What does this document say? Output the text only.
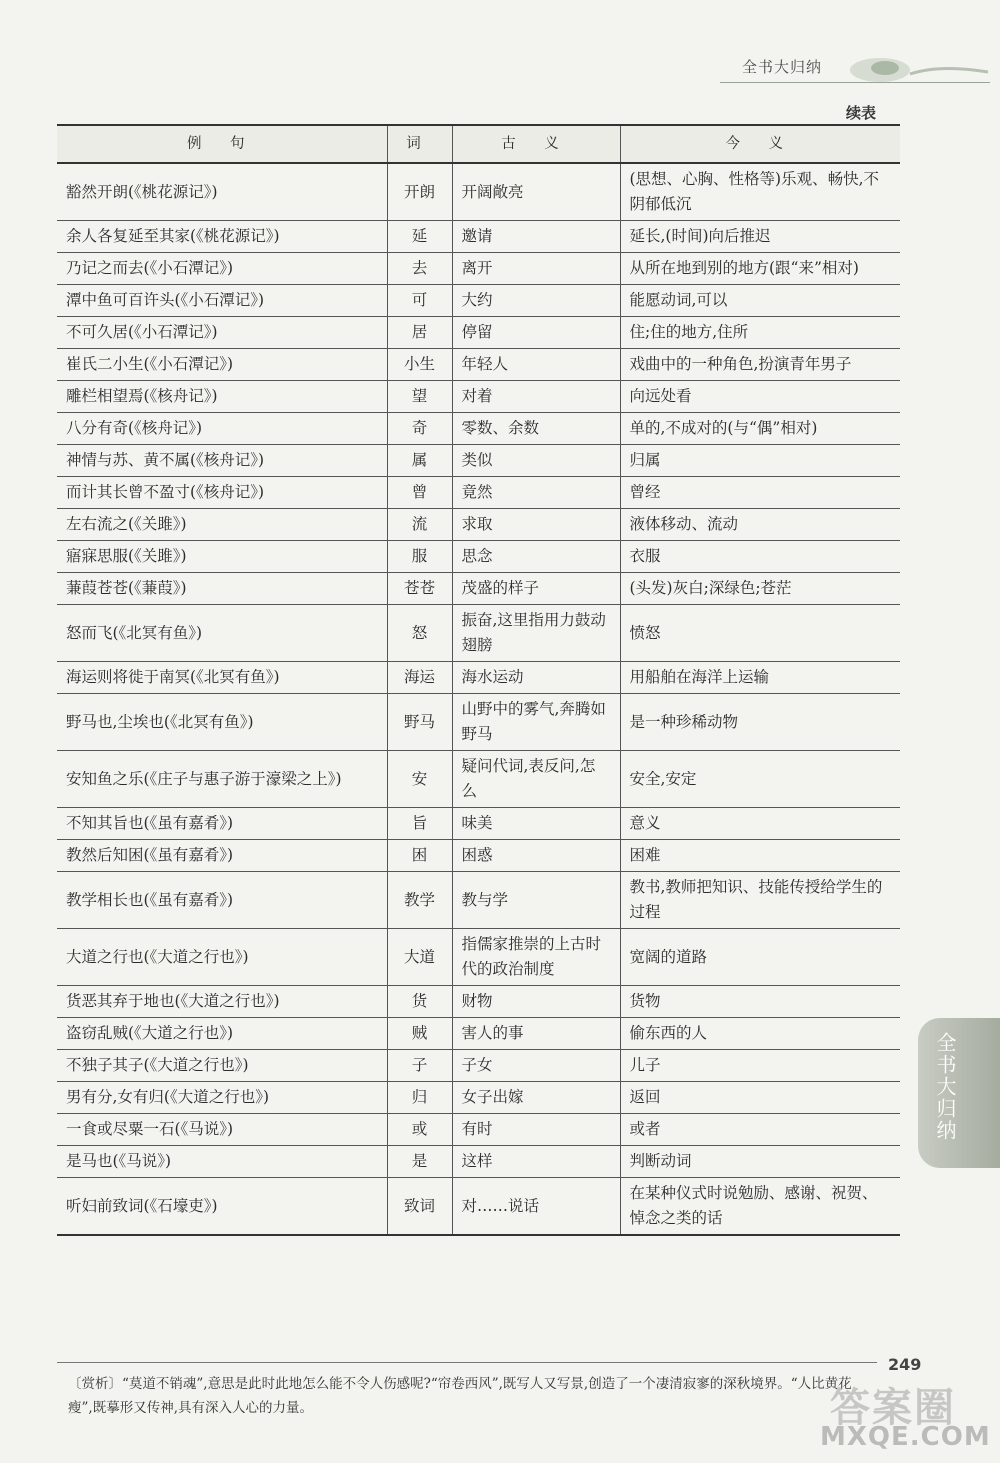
全书大归纳
续表
例 句	词	古 义	今 义
豁然开朗(《桃花源记》)	开朗	开阔敞亮	(思想、心胸、性格等)乐观、畅快,不阴郁低沉
余人各复延至其家(《桃花源记》)	延	邀请	延长,(时间)向后推迟
乃记之而去(《小石潭记》)	去	离开	从所在地到别的地方(跟“来”相对)
潭中鱼可百许头(《小石潭记》)	可	大约	能愿动词,可以
不可久居(《小石潭记》)	居	停留	住;住的地方,住所
崔氏二小生(《小石潭记》)	小生	年轻人	戏曲中的一种角色,扮演青年男子
雕栏相望焉(《核舟记》)	望	对着	向远处看
八分有奇(《核舟记》)	奇	零数、余数	单的,不成对的(与“偶”相对)
神情与苏、黄不属(《核舟记》)	属	类似	归属
而计其长曾不盈寸(《核舟记》)	曾	竟然	曾经
左右流之(《关雎》)	流	求取	液体移动、流动
寤寐思服(《关雎》)	服	思念	衣服
蒹葭苍苍(《蒹葭》)	苍苍	茂盛的样子	(头发)灰白;深绿色;苍茫
怒而飞(《北冥有鱼》)	怒	振奋,这里指用力鼓动翅膀	愤怒
海运则将徙于南冥(《北冥有鱼》)	海运	海水运动	用船舶在海洋上运输
野马也,尘埃也(《北冥有鱼》)	野马	山野中的雾气,奔腾如野马	是一种珍稀动物
安知鱼之乐(《庄子与惠子游于濠梁之上》)	安	疑问代词,表反问,怎么	安全,安定
不知其旨也(《虽有嘉肴》)	旨	味美	意义
教然后知困(《虽有嘉肴》)	困	困惑	困难
教学相长也(《虽有嘉肴》)	教学	教与学	教书,教师把知识、技能传授给学生的过程
大道之行也(《大道之行也》)	大道	指儒家推崇的上古时代的政治制度	宽阔的道路
货恶其弃于地也(《大道之行也》)	货	财物	货物
盗窃乱贼(《大道之行也》)	贼	害人的事	偷东西的人
不独子其子(《大道之行也》)	子	子女	儿子
男有分,女有归(《大道之行也》)	归	女子出嫁	返回
一食或尽粟一石(《马说》)	或	有时	或者
是马也(《马说》)	是	这样	判断动词
听妇前致词(《石壕吏》)	致词	对……说话	在某种仪式时说勉励、感谢、祝贺、悼念之类的话
全书大归纳
249
〔赏析〕“莫道不销魂”,意思是此时此地怎么能不令人伤感呢?“帘卷西风”,既写人又写景,创造了一个凄清寂寥的深秋境界。“人比黄花瘦”,既摹形又传神,具有深入人心的力量。	答案圈
MXQE.COM
